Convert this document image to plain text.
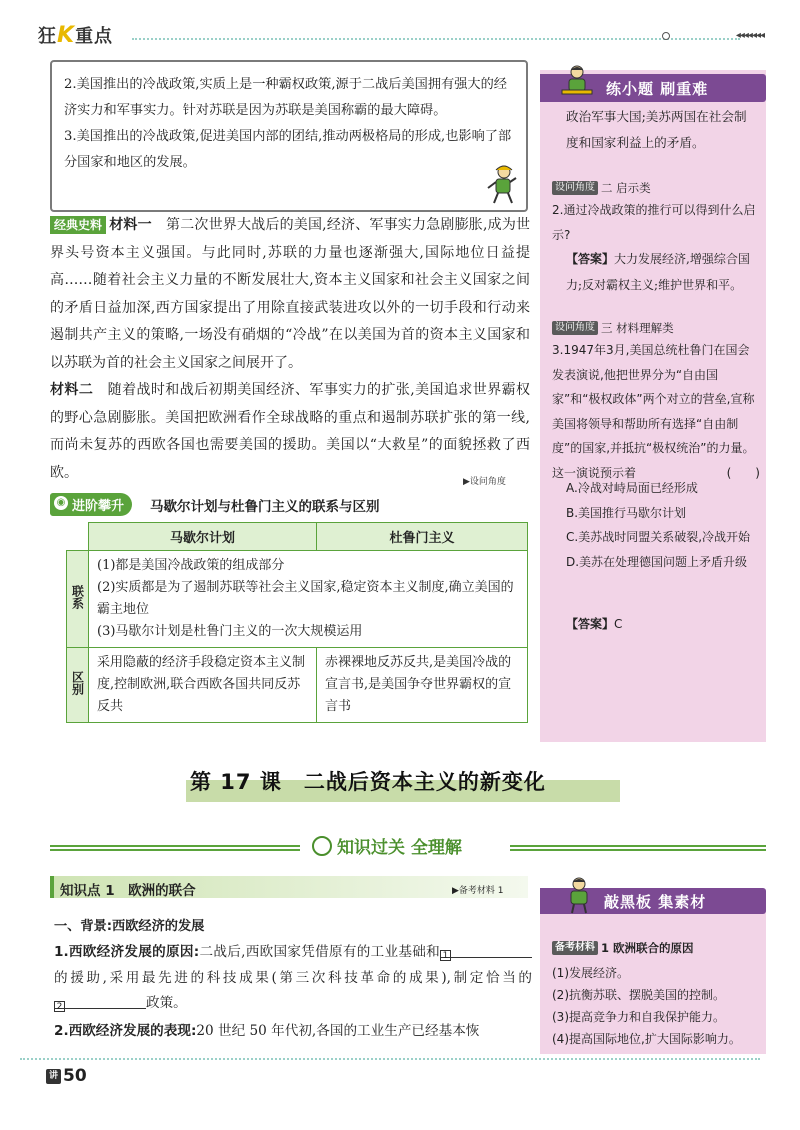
狂K重点	◂◂◂◂◂◂◂

2.美国推出的冷战政策,实质上是一种霸权政策,源于二战后美国拥有强大的经济实力和军事实力。针对苏联是因为苏联是美国称霸的最大障碍。

3.美国推出的冷战政策,促进美国内部的团结,推动两极格局的形成,也影响了部分国家和地区的发展。

经典史料 材料一　 第二次世界大战后的美国,经济、军事实力急剧膨胀,成为世界头号资本主义强国。与此同时,苏联的力量也逐渐强大,国际地位日益提高……随着社会主义力量的不断发展壮大,资本主义国家和社会主义国家之间的矛盾日益加深,西方国家提出了用除直接武装进攻以外的一切手段和行动来遏制共产主义的策略,一场没有硝烟的“冷战”在以美国为首的资本主义国家和以苏联为首的社会主义国家之间展开了。

材料二　 随着战时和战后初期美国经济、军事实力的扩张,美国追求世界霸权的野心急剧膨胀。美国把欧洲看作全球战略的重点和遏制苏联扩张的第一线,而尚未复苏的西欧各国也需要美国的援助。美国以“大救星”的面貌拯救了西欧。

▶设问角度
◉ 进阶攀升	马歇尔计划与杜鲁门主义的联系与区别
	马歇尔计划	杜鲁门主义
联系	(1)都是美国冷战政策的组成部分
(2)实质都是为了遏制苏联等社会主义国家,稳定资本主义制度,确立美国的霸主地位
(3)马歇尔计划是杜鲁门主义的一次大规模运用	

区别	采用隐蔽的经济手段稳定资本主义制度,控制欧洲,联合西欧各国共同反苏反共	赤裸裸地反苏反共,是美国冷战的宣言书,是美国争夺世界霸权的宣言书
练小题 刷重难

政治军事大国;美苏两国在社会制度和国家利益上的矛盾。

设问角度 二 启示类
2.通过冷战政策的推行可以得到什么启示?
【答案】大力发展经济,增强综合国力;反对霸权主义;维护世界和平。
设问角度 三 材料理解类
3.1947年3月,美国总统杜鲁门在国会发表演说,他把世界分为“自由国家”和“极权政体”两个对立的营垒,宣称美国将领导和帮助所有选择“自由制度”的国家,并抵抗“极权统治”的力量。这一演说预示着	(　　)
A.冷战对峙局面已经形成
B.美国推行马歇尔计划
C.美苏战时同盟关系破裂,冷战开始
D.美苏在处理德国问题上矛盾升级
【答案】C
第 17 课　二战后资本主义的新变化
知识过关 全理解
知识点 1　欧洲的联合	▶备考材料 1
一、背景:西欧经济的发展
1.西欧经济发展的原因:二战后,西欧国家凭借原有的工业基础和 1的援助,采用最先进的科技成果(第三次科技革命的成果),制定恰当的2	政策。
2.西欧经济发展的表现:20 世纪 50 年代初,各国的工业生产已经基本恢
敲黑板 集素材
备考材料 1 欧洲联合的原因
(1)发展经济。
(2)抗衡苏联、摆脱美国的控制。
(3)提高竞争力和自我保护能力。
(4)提高国际地位,扩大国际影响力。
讲 50
